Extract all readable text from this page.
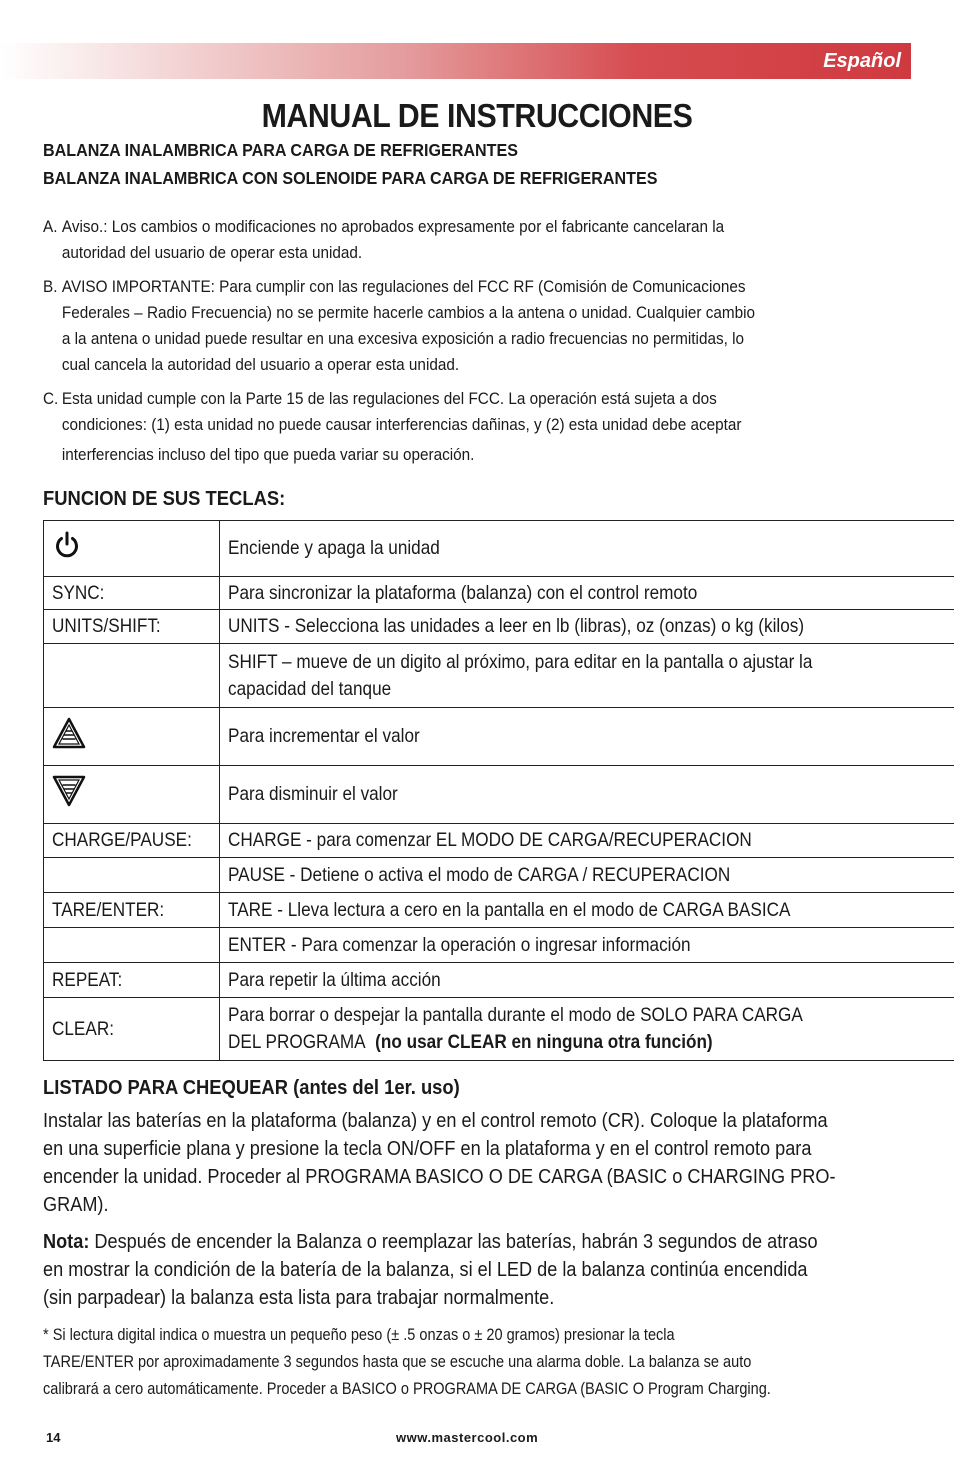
Español
MANUAL DE INSTRUCCIONES
BALANZA INALAMBRICA PARA CARGA DE REFRIGERANTES
BALANZA INALAMBRICA CON SOLENOIDE PARA CARGA DE REFRIGERANTES
A. Aviso.: Los cambios o modificaciones no aprobados expresamente por el fabricante cancelaran la
autoridad del usuario de operar esta unidad.
B. AVISO IMPORTANTE: Para cumplir con las regulaciones del FCC RF (Comisión de Comunicaciones
Federales – Radio Frecuencia) no se permite hacerle cambios a la antena o unidad. Cualquier cambio
a la antena o unidad puede resultar en una excesiva exposición a radio frecuencias no permitidas, lo
cual cancela la autoridad del usuario a operar esta unidad.
C. Esta unidad cumple con la Parte 15 de las regulaciones del FCC. La operación está sujeta a dos
condiciones: (1) esta unidad no puede causar interferencias dañinas, y (2) esta unidad debe aceptar
interferencias incluso del tipo que pueda variar su operación.
FUNCION DE SUS TECLAS:
	Enciende y apaga la unidad
SYNC:	Para sincronizar la plataforma (balanza) con el control remoto
UNITS/SHIFT:	UNITS - Selecciona las unidades a leer en lb (libras), oz (onzas) o kg (kilos)

	SHIFT – mueve de un digito al próximo, para editar en la pantalla o ajustar la
capacidad del tanque

	Para incrementar el valor
	Para disminuir el valor
CHARGE/PAUSE:	CHARGE - para comenzar EL MODO DE CARGA/RECUPERACION
	PAUSE - Detiene o activa el modo de CARGA / RECUPERACION
TARE/ENTER:	TARE - Lleva lectura a cero en la pantalla en el modo de CARGA BASICA
	ENTER - Para comenzar la operación o ingresar información
REPEAT:	Para repetir la última acción
CLEAR:	Para borrar o despejar la pantalla durante el modo de SOLO PARA CARGA
DEL PROGRAMA (no usar CLEAR en ninguna otra función)
LISTADO PARA CHEQUEAR (antes del 1er. uso)
Instalar las baterías en la plataforma (balanza) y en el control remoto (CR). Coloque la plataforma
en una superficie plana y presione la tecla ON/OFF en la plataforma y en el control remoto para
encender la unidad. Proceder al PROGRAMA BASICO O DE CARGA (BASIC o CHARGING PRO-
GRAM).
Nota: Después de encender la Balanza o reemplazar las baterías, habrán 3 segundos de atraso
en mostrar la condición de la batería de la balanza, si el LED de la balanza continúa encendida
(sin parpadear) la balanza esta lista para trabajar normalmente.
* Si lectura digital indica o muestra un pequeño peso (± .5 onzas o ± 20 gramos) presionar la tecla
TARE/ENTER por aproximadamente 3 segundos hasta que se escuche una alarma doble. La balanza se auto
calibrará a cero automáticamente. Proceder a BASICO o PROGRAMA DE CARGA (BASIC O Program Charging.
14	www.mastercool.com
